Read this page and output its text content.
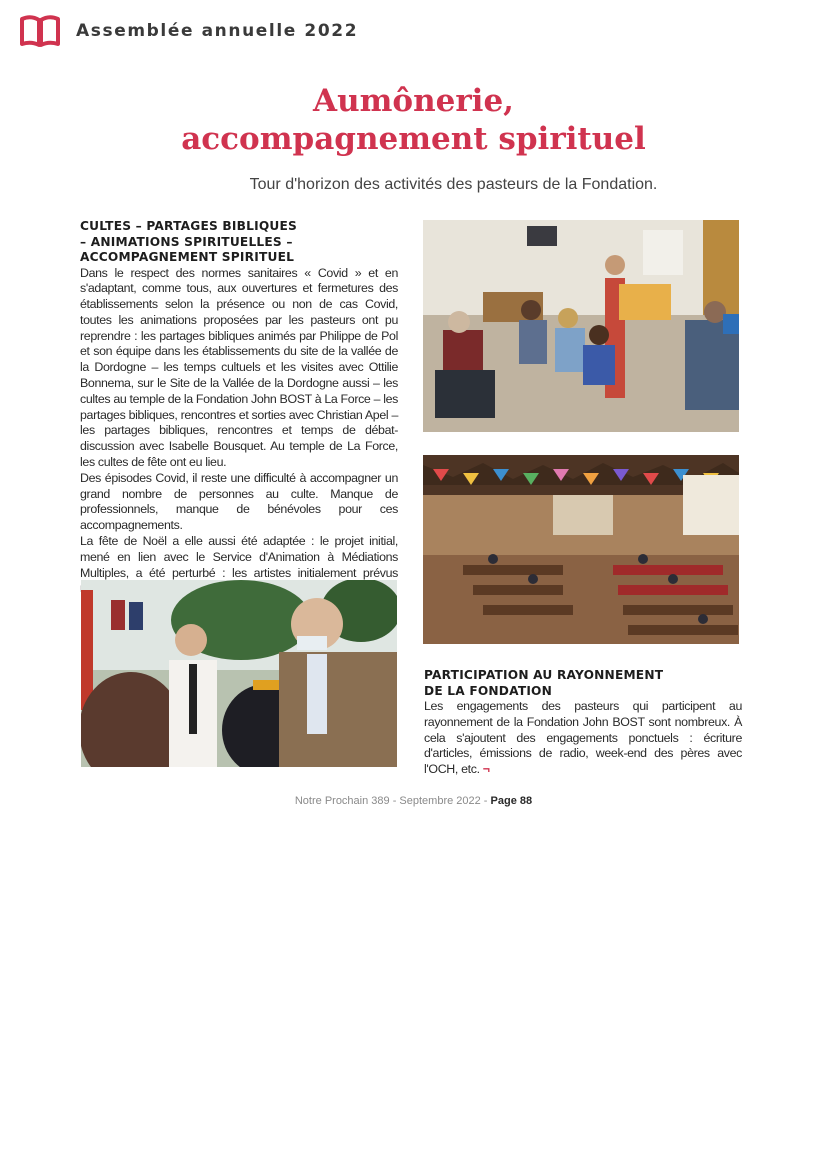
Assemblée annuelle 2022
Aumônerie,
accompagnement spirituel
Tour d'horizon des activités des pasteurs de la Fondation.
CULTES – PARTAGES BIBLIQUES
– ANIMATIONS SPIRITUELLES –
ACCOMPAGNEMENT SPIRITUEL

Dans le respect des normes sanitaires « Covid » et en s'adaptant, comme tous, aux ouvertures et fermetures des établissements selon la présence ou non de cas Covid, toutes les animations proposées par les pasteurs ont pu reprendre : les partages bibliques animés par Philippe de Pol et son équipe dans les établissements du site de la vallée de la Dordogne – les temps cultuels et les visites avec Ottilie Bonnema, sur le Site de la Vallée de la Dordogne aussi – les cultes au temple de la Fondation John BOST à La Force – les partages bibliques, rencontres et sorties avec Christian Apel – les partages bibliques, rencontres et temps de débat-discussion avec Isabelle Bousquet. Au temple de La Force, les cultes de fête ont eu lieu.

Des épisodes Covid, il reste une difficulté à accompagner un grand nombre de personnes au culte. Manque de professionnels, manque de bénévoles pour ces accompagnements.

La fête de Noël a elle aussi été adaptée : le projet initial, mené en lien avec le Service d'Animation à Médiations Multiples, a été perturbé : les artistes initialement prévus

PARTICIPATION AU RAYONNEMENT
DE LA FONDATION

Les engagements des pasteurs qui participent au rayonnement de la Fondation John BOST sont nombreux. À cela s'ajoutent des engagements ponctuels : écriture d'articles, émissions de radio, week-end des pères avec l'OCH, etc. ¬

Notre Prochain 389 - Septembre 2022 - Page 88
